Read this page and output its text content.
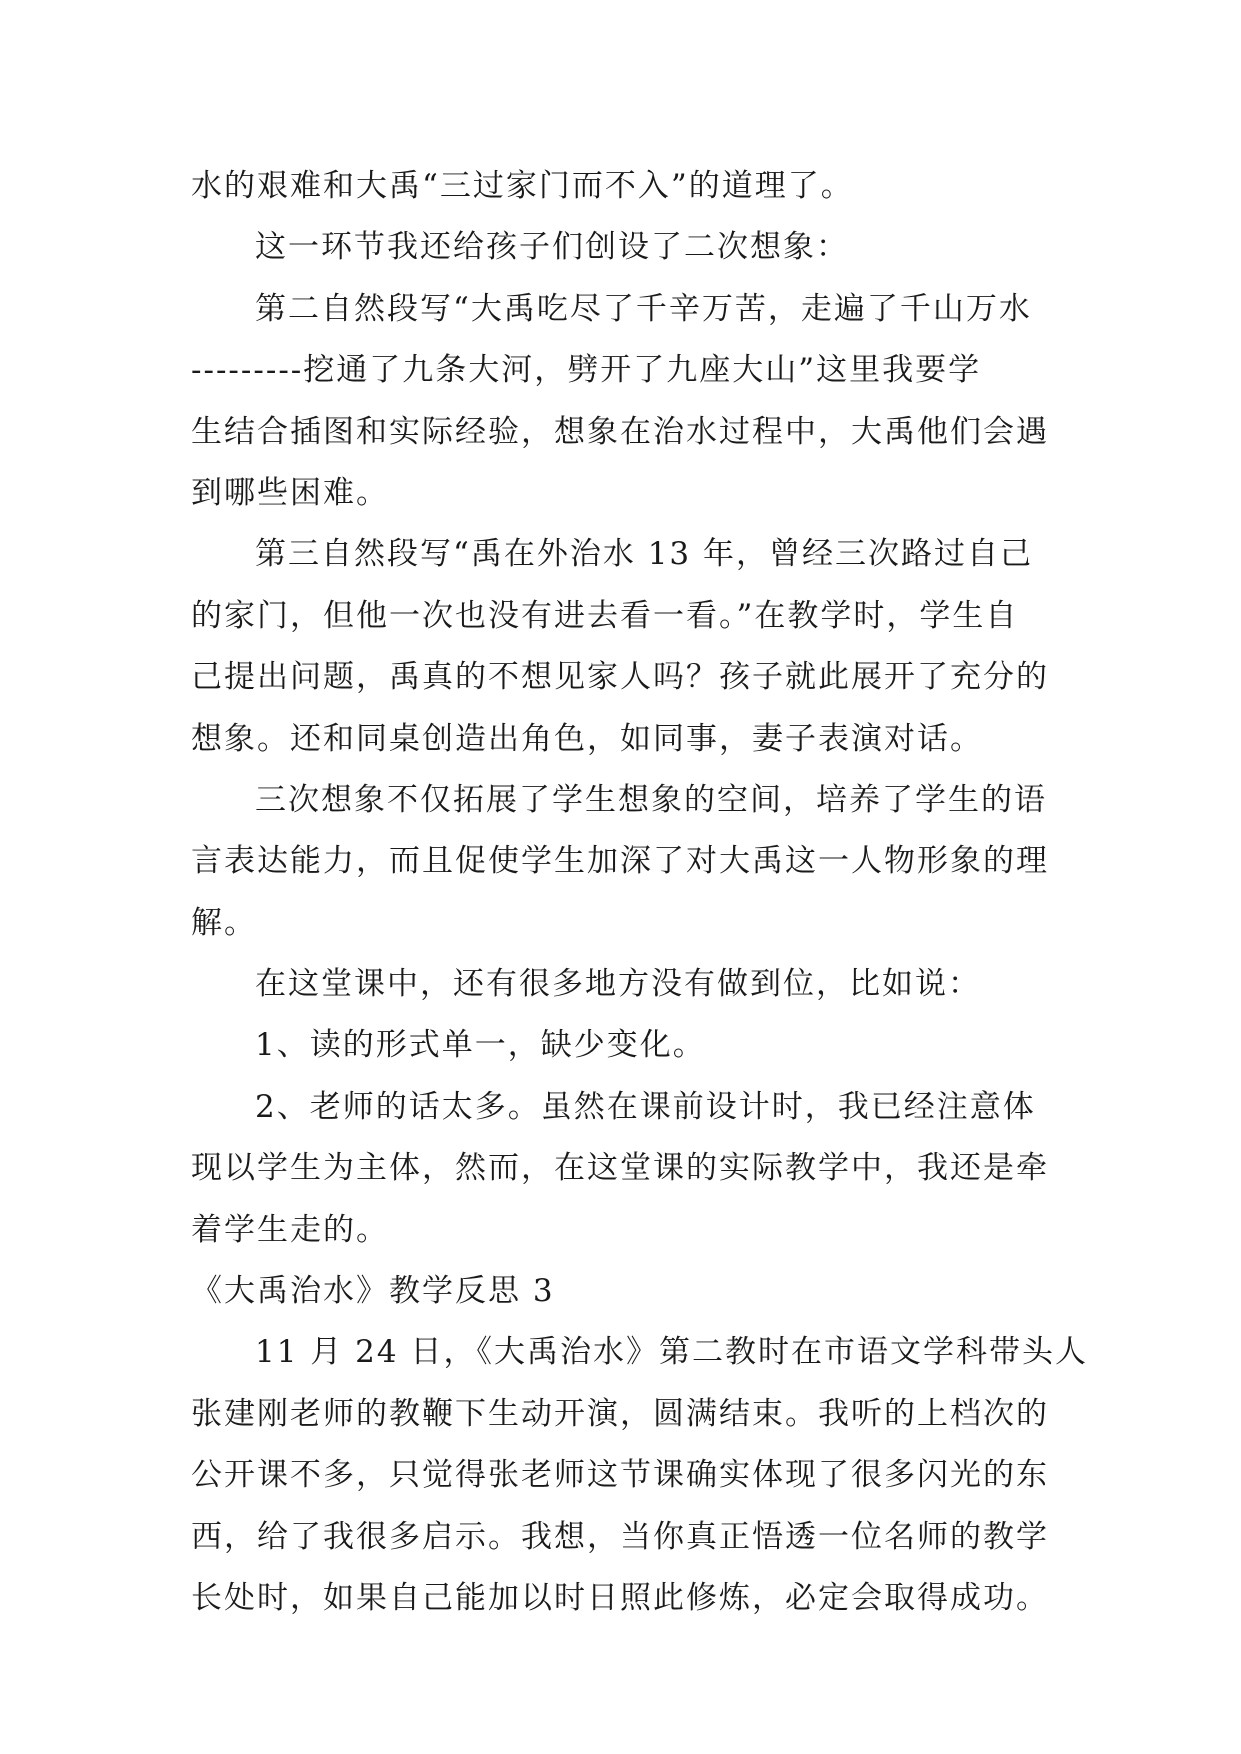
水的艰难和大禹“三过家门而不入”的道理了。
这一环节我还给孩子们创设了二次想象：
第二自然段写“大禹吃尽了千辛万苦，走遍了千山万水
---------挖通了九条大河，劈开了九座大山”这里我要学
生结合插图和实际经验，想象在治水过程中，大禹他们会遇
到哪些困难。
第三自然段写“禹在外治水 13 年，曾经三次路过自己
的家门，但他一次也没有进去看一看。”在教学时，学生自
己提出问题，禹真的不想见家人吗？孩子就此展开了充分的
想象。还和同桌创造出角色，如同事，妻子表演对话。
三次想象不仅拓展了学生想象的空间，培养了学生的语
言表达能力，而且促使学生加深了对大禹这一人物形象的理
解。
在这堂课中，还有很多地方没有做到位，比如说：
1、读的形式单一，缺少变化。
2、老师的话太多。虽然在课前设计时，我已经注意体
现以学生为主体，然而，在这堂课的实际教学中，我还是牵
着学生走的。
《大禹治水》教学反思 3
11 月 24 日，《大禹治水》第二教时在市语文学科带头人
张建刚老师的教鞭下生动开演，圆满结束。我听的上档次的
公开课不多，只觉得张老师这节课确实体现了很多闪光的东
西，给了我很多启示。我想，当你真正悟透一位名师的教学
长处时，如果自己能加以时日照此修炼，必定会取得成功。
